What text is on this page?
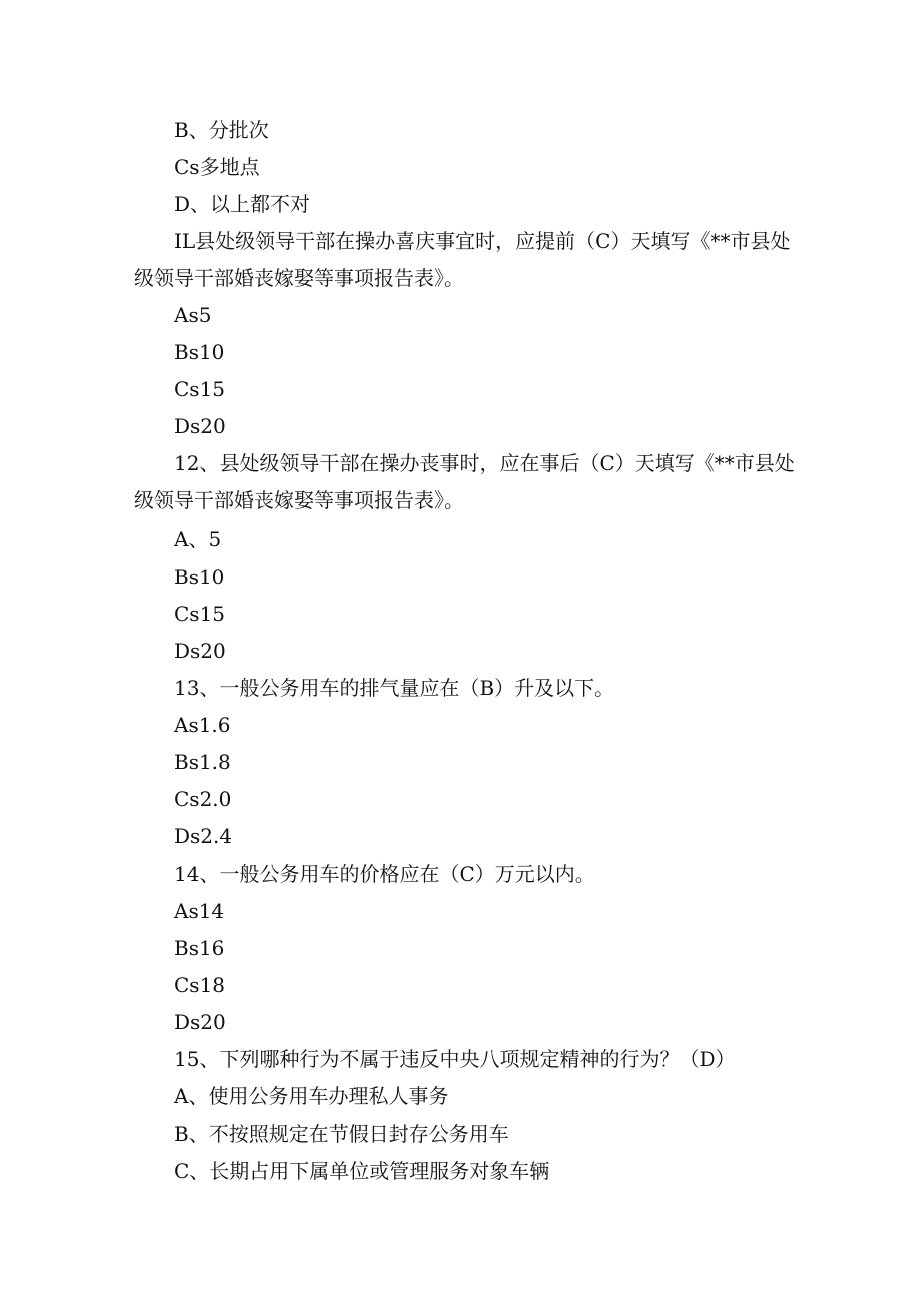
B、分批次
Cs多地点
D、以上都不对
IL县处级领导干部在操办喜庆事宜时，应提前（C）天填写《**市县处
级领导干部婚丧嫁娶等事项报告表》。
As5
Bs10
Cs15
Ds20
12、县处级领导干部在操办丧事时，应在事后（C）天填写《**市县处
级领导干部婚丧嫁娶等事项报告表》。
A、5
Bs10
Cs15
Ds20
13、一般公务用车的排气量应在（B）升及以下。
As1.6
Bs1.8
Cs2.0
Ds2.4
14、一般公务用车的价格应在（C）万元以内。
As14
Bs16
Cs18
Ds20
15、下列哪种行为不属于违反中央八项规定精神的行为？（D）
A、使用公务用车办理私人事务
B、不按照规定在节假日封存公务用车
C、长期占用下属单位或管理服务对象车辆
